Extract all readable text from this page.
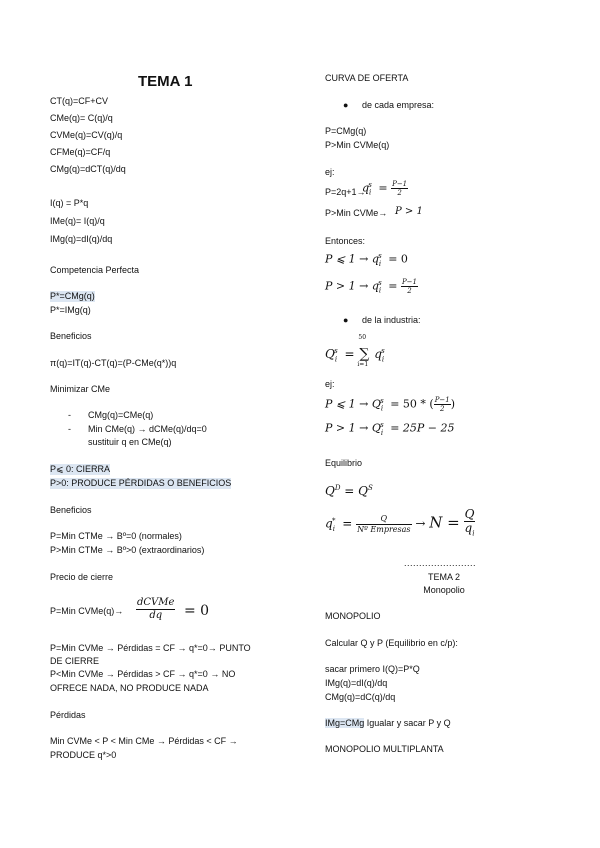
TEMA 1
CT(q)=CF+CV
CMe(q)= C(q)/q
CVMe(q)=CV(q)/q
CFMe(q)=CF/q
CMg(q)=dCT(q)/dq
I(q) = P*q
IMe(q)= I(q)/q
IMg(q)=dI(q)/dq
Competencia Perfecta
P*=CMg(q)
P*=IMg(q)
Beneficios
π(q)=IT(q)-CT(q)=(P-CMe(q*))q
Minimizar CMe
- CMg(q)=CMe(q)
- Min CMe(q) → dCMe(q)/dq=0
sustituir q en CMe(q)
P⩽ 0: CIERRA
P>0: PRODUCE PÉRDIDAS O BENEFICIOS
Beneficios
P=Min CTMe → Bº=0 (normales)
P>Min CTMe → Bº>0 (extraordinarios)
Precio de cierre
P=Min CVMe(q)→ $\frac{\text{dCVMe}}{dq} = 0$
P=Min CVMe → Pérdidas = CF → q*=0→ PUNTO
DE CIERRE
P<Min CVMe → Pérdidas > CF → q*=0 → NO
OFRECE NADA, NO PRODUCE NADA
Pérdidas
Min CVMe < P < Min CMe → Pérdidas < CF →
PRODUCE q*>0
CURVA DE OFERTA
● de cada empresa:
P=CMg(q)
P>Min CVMe(q)
ej:
P=2q+1→
$q_i^s = \frac{P-1}{2}$
P>Min CVMe→ P > 1
Entonces:
P ⩽ $1 \to q_i^s = 0$
$P > 1 \to q_i^s = \frac{P-1}{2}$
● de la industria:
$Q_i^s$ = ∑
50
i=1
$q_i^s$
ej:
P ⩽ $1 \to Q_i^s = 50$ * ( $\frac{P-1}{2}$ )
$P > 1 \to Q_i^s = 25P - 25$
Equilibrio
$Q^D = Q^S$
$q_i^* = \frac{Q}{\text{Nº Empresas}} \to N = \frac{Q}{q_i}$
........................
TEMA 2
Monopolio
MONOPOLIO
Calcular Q y P (Equilibrio en c/p):
sacar primero I(Q)=P*Q
IMg(q)=dI(q)/dq
CMg(q)=dC(q)/dq
IMg=CMg Igualar y sacar P y Q
MONOPOLIO MULTIPLANTA
